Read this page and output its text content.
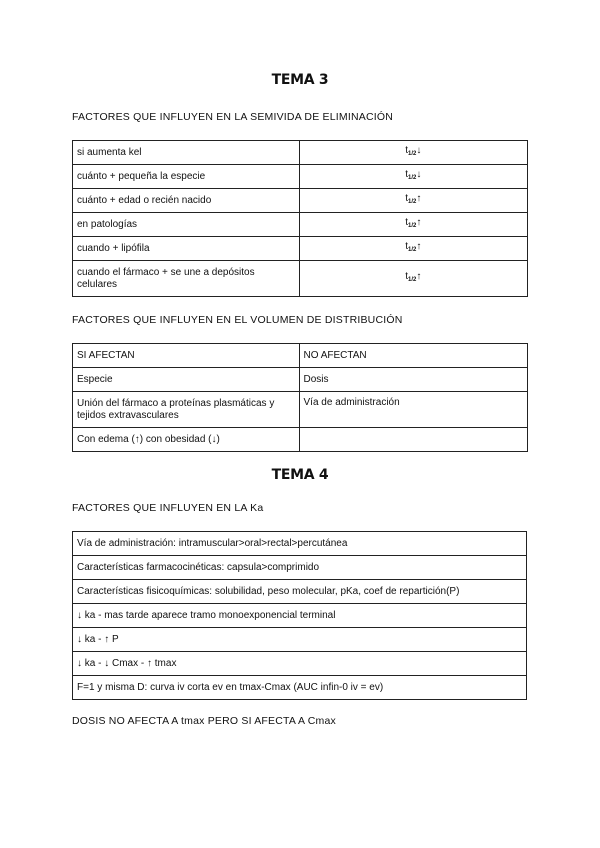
TEMA 3
FACTORES QUE INFLUYEN EN LA SEMIVIDA DE ELIMINACIÓN
si aumenta kel	$t_{1/2}↓$
cuánto + pequeña la especie	$t_{1/2}↓$
cuánto + edad o recién nacido	$t_{1/2}↑$
en patologías	$t_{1/2}↑$
cuando + lipófila	$t_{1/2}↑$
cuando el fármaco + se une a depósitos celulares	$t_{1/2}↑$
FACTORES QUE INFLUYEN EN EL VOLUMEN DE DISTRIBUCIÓN
SI AFECTAN	NO AFECTAN
Especie	Dosis
Unión del fármaco a proteínas plasmáticas y tejidos extravasculares	Vía de administración
Con edema (↑) con obesidad (↓)	
TEMA 4
FACTORES QUE INFLUYEN EN LA Ka
Vía de administración: intramuscular>oral>rectal>percutánea
Características farmacocinéticas: capsula>comprimido
Características fisicoquímicas: solubilidad, peso molecular, pKa, coef de repartición(P)
↓ ka - mas tarde aparece tramo monoexponencial terminal
↓ ka - ↑ P
↓ ka - ↓ Cmax - ↑ tmax
F=1 y misma D: curva iv corta ev en tmax-Cmax (AUC infin-0 iv = ev)
DOSIS NO AFECTA A tmax PERO SI AFECTA A Cmax
